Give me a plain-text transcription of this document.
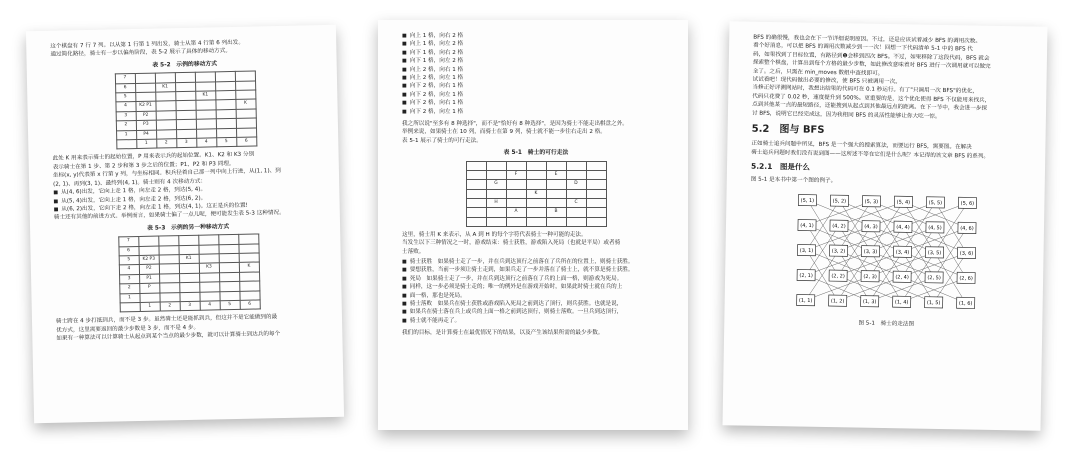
这个棋盘有 7 行 7 列。以从第 1 行第 1 列出发，骑士从第 4 行第 6 列出发。
通过简化路径，骑士有一步以偏角阶段，表 5-2 展示了具体的移动方式。
表 5-2　示例的移动方式
7						
6		K1				
5				K1		
4	K2 P1					K
3	P2					
2	P3					
1	P4					
	1	2	3	4	5	6
此处 K 用来表示骑士的起始位置，P 用来表示兵的起始位置。K1、K2 和 K3 分别
表示骑士在第 1 步、第 2 步和第 3 步之后的位置；P1、P2 和 P3 同理。
坐标(x, y)代表第 x 行第 y 列，与坐标相同。积兵径着自己那一列中向上行进，从(1, 1)、到
(2, 1)、再到(3, 1)、最终到(4, 1)。骑士则有 4 次移动方式：
■ 从(4, 6)出发，它向上走 1 格，向左走 2 格，到达(5, 4)。
■ 从(5, 4)出发，它向上走 1 格，向左走 2 格，到达(6, 2)。
■ 从(6, 2)出发，它向下走 2 格，向左走 1 格，到达(4, 1)。这正是兵的位置!
骑士还有其他的前进方式。举例而言，如果骑士偏了一点儿呢，便可能发生表 5-3 这种情况。
表 5-3　示例的另一种移动方式
7						
6						
5	K2 P3		K1			
4	P2			K3		K
3	P1					
2	P					
1						
	1	2	3	4	5	6
骑士跨在 4 步打抵到兵，而不是 3 步。虽然骑士还是能抓到兵，但这并不是它能做到的最
优方式，这里需要返回的最少步数是 3 步，而不是 4 步。
如果有一种算法可以计算骑士从起点到某个当点的最少步数，就可以计算骑士到达兵的每个
■ 向上 1 格，向右 2 格
■ 向上 1 格，向左 2 格
■ 向下 1 格，向右 2 格
■ 向下 1 格，向左 2 格
■ 向上 2 格，向右 1 格
■ 向上 2 格，向左 1 格
■ 向下 2 格，向右 1 格
■ 向下 2 格，向左 1 格
■ 向下 2 格，向右 1 格
■ 向下 2 格，向左 1 格
我之所以说"至多有 8 种选择"，而不是"恰好有 8 种选择"，是因为骑士不能走出棋盘之外。
举例来说，如果骑士在 10 列，而骑士在第 9 列，骑士就不能一步往右走出 2 格。
表 5-1 展示了骑士的可行走法。
表 5-1　骑士的可行走法

		F		E		
	G				D	
			K			
	H				C	
		A		B		

这里，骑士用 K 来表示，从 A 到 H 的每个字符代表骑士一种可能的走法。
当发生以下三种情况之一时，游戏结束：骑士获胜，游戏陷入死局（也就是平局）或者骑
士落败。
■ 骑士获胜　如果骑士走了一步，并在兵到达顶行之前落在了兵所在的位置上，则骑士获胜。
■ 要想获胜，当前一步须让骑士走到，如果兵走了一步并落在了骑士上，就不算是骑士获胜。
■ 死局　如果骑士走了一步，并在兵到达顶行之前落在了兵的上面一格，则游戏为死局。
■ 同样，这一步必须是骑士走的；唯一的例外是在游戏开始时，如果此时骑士就在兵的上
■ 面一格，那也是死局。
■ 骑士落败　如果兵在骑士获胜或游戏陷入死局之前到达了顶行，则兵获胜。也就是说，
■ 如果兵在骑士落在兵上或兵的上面一格之前到达顶行，则骑士落败。一旦兵到达顶行，
■ 骑士就不能再走了。
我们的目标，是计算骑士在最优情况下的结果，以及产生该结果所需的最少步数。
BFS 的确很慢，我也会在下一节详细说明原因。不过，还是应该试着减少 BFS 的调用次数。
看个好消息，可以把 BFS 的调用次数减少到一一次！回想一下代码清单 5-1 中的 BFS 代
码，如果找到了目标位置，有路径到❶会移到四次 BFS。不过，如果移除了这段代码，BFS 就会
探索整个棋盘，计算出到每个方格的最少步数，如此修改意味着对 BFS 进行一次调用就可以做完
全了。之后，只需在 min_moves 数组中查找即可。
试试看吧！现代码做出必要的修改，使 BFS 只被调用一次。
当修正好评测网站时，我想出结果的代码可在 0.1 秒运行。有了"只调用一次 BFS"的优化，
代码只花费了 0.02 秒，速度提升到 500%。更重要的是，这个优化使得 BFS 不仅能用来找兵，
点到其他某一点的最短路径，还能搜到从起点到其他最远点的距离。在下一节中，我会进一步探
讨 BFS，说明它已经完成这，因为我相同 BFS 的灵活性能够让你大吃一惊。
5.2　图与 BFS
正如骑士追兵问题中所见，BFS 是一个强大的搜索算法，而要运行 BFS，需要图。在解决
骑士追兵问题时我们没有说到图——这所述不等在它们是什么呢？本记得的该文章 BFS 的系列。
5.2.1　图是什么
图 5-1 是本书中第一个图的例子。
(5, 1)	(5, 2)	(5, 3)	(5, 4)	(5, 5)	(5, 6)
(4, 1)	(4, 2)	(4, 3)	(4, 4)	(4, 5)	(4, 6)
(3, 1)	(3, 2)	(3, 3)	(3, 4)	(3, 5)	(3, 6)
(2, 1)	(2, 2)	(2, 3)	(2, 4)	(2, 5)	(2, 6)
(1, 1)	(1, 2)	(1, 3)	(1, 4)	(1, 5)	(1, 6)
图 5-1　骑士的走法图
